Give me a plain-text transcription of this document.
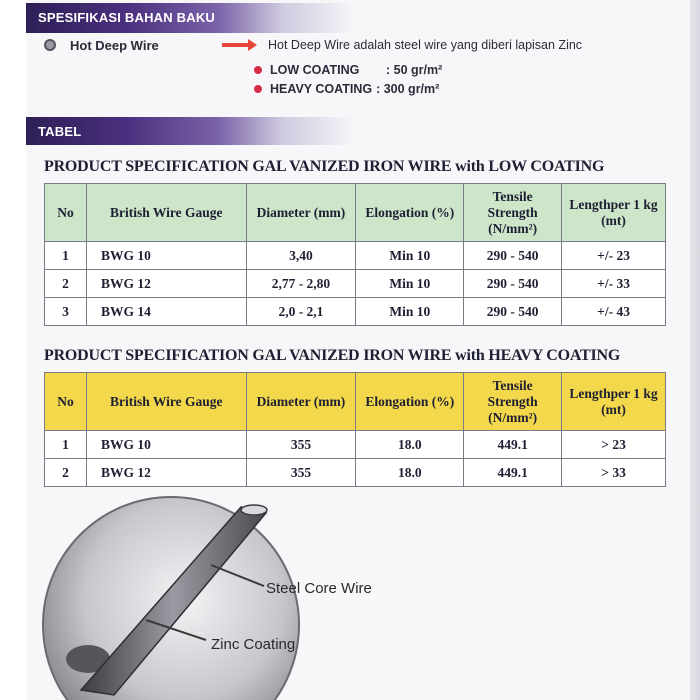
SPESIFIKASI BAHAN BAKU
Hot Deep Wire	Hot Deep Wire adalah steel wire yang diberi lapisan Zinc
LOW COATING	: 50 gr/m²
HEAVY COATING : 300 gr/m²
TABEL
PRODUCT SPECIFICATION GAL VANIZED IRON WIRE with LOW COATING
No	British Wire Gauge	Diameter (mm)	Elongation (%)	Tensile Strength (N/mm²)	Lengthper 1 kg (mt)
1	BWG 10	3,40	Min 10	290 - 540	+/- 23
2	BWG 12	2,77 - 2,80	Min 10	290 - 540	+/- 33
3	BWG 14	2,0 - 2,1	Min 10	290 - 540	+/- 43
PRODUCT SPECIFICATION GAL VANIZED IRON WIRE with HEAVY COATING
No	British Wire Gauge	Diameter (mm)	Elongation (%)	Tensile Strength (N/mm²)	Lengthper 1 kg (mt)
1	BWG 10	355	18.0	449.1	> 23
2	BWG 12	355	18.0	449.1	> 33
Steel Core Wire
Zinc Coating
